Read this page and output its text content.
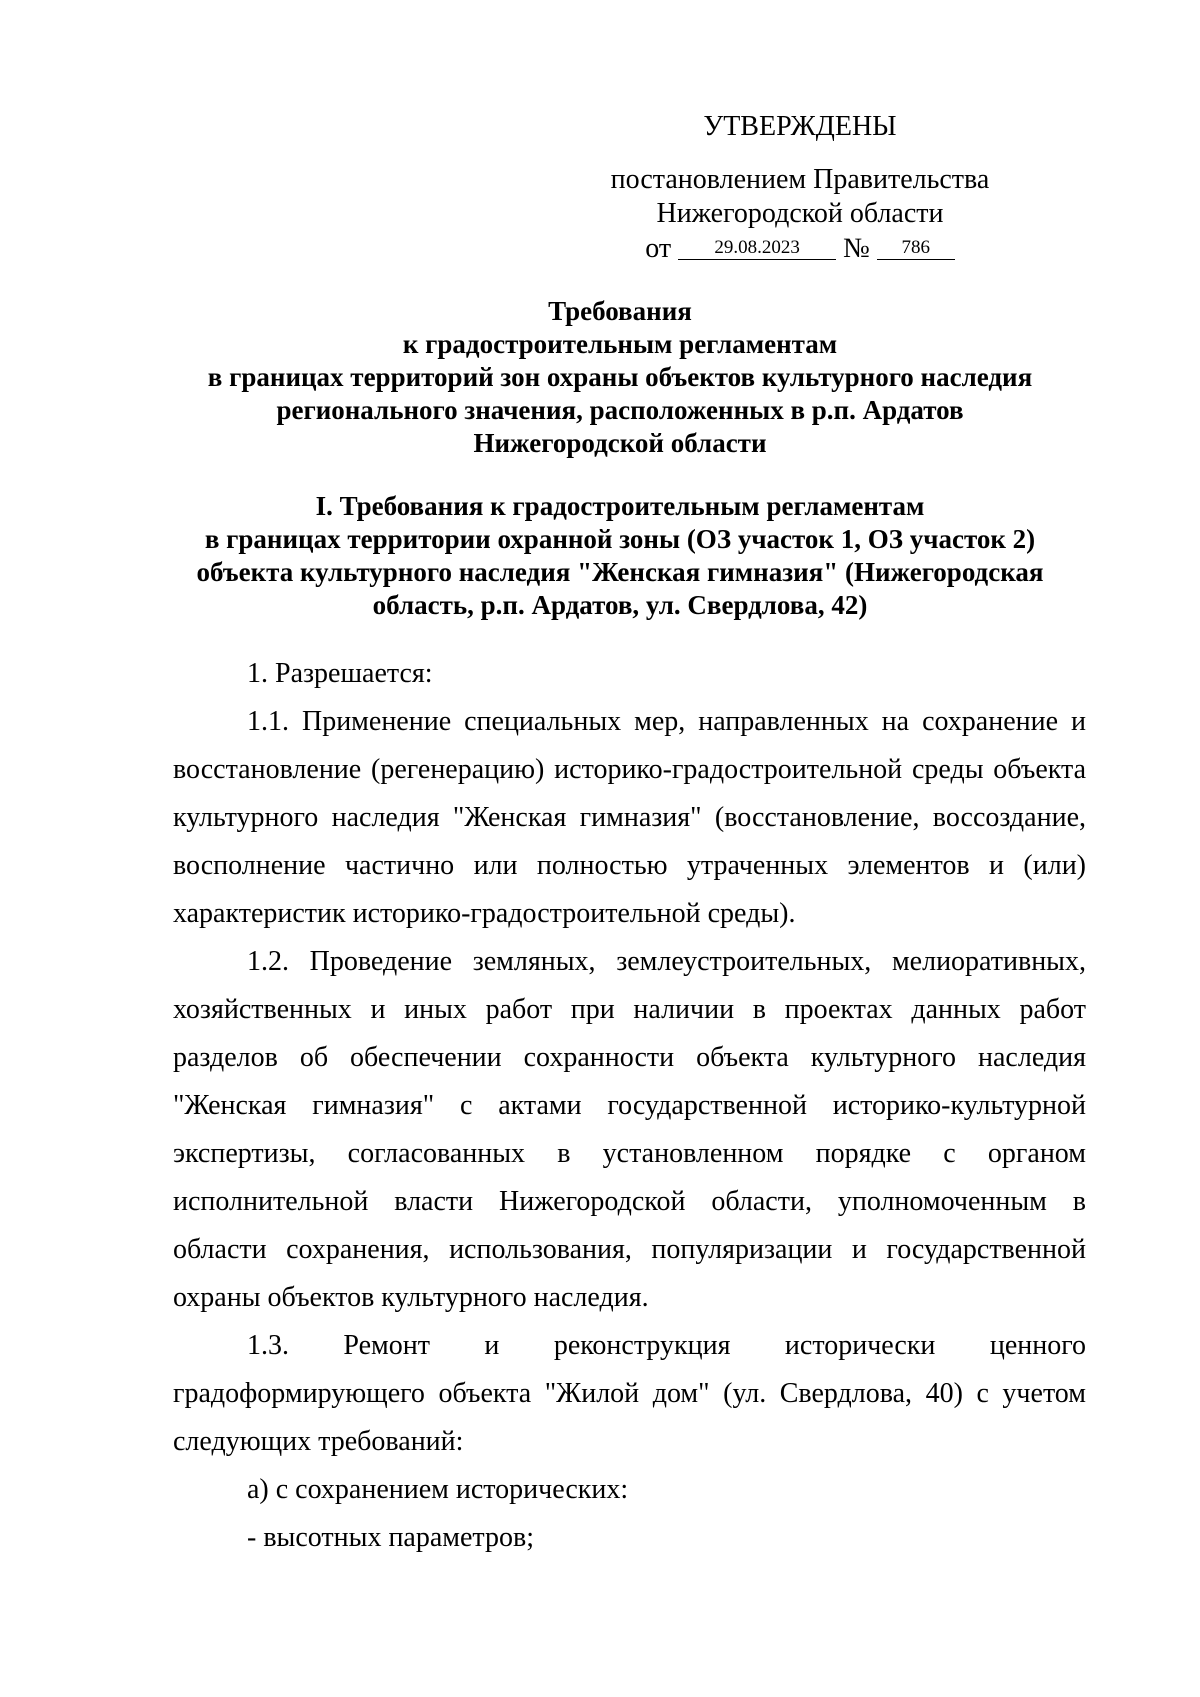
УТВЕРЖДЕНЫ
постановлением Правительства
Нижегородской области
от 29.08.2023 № 786
Требования
к градостроительным регламентам
в границах территорий зон охраны объектов культурного наследия
регионального значения, расположенных в р.п. Ардатов
Нижегородской области
I. Требования к градостроительным регламентам
в границах территории охранной зоны (ОЗ участок 1, ОЗ участок 2)
объекта культурного наследия "Женская гимназия" (Нижегородская
область, р.п. Ардатов, ул. Свердлова, 42)

1. Разрешается:

1.1. Применение специальных мер, направленных на сохранение и восстановление (регенерацию) историко-градостроительной среды объекта культурного наследия "Женская гимназия" (восстановление, воссоздание, восполнение частично или полностью утраченных элементов и (или) характеристик историко-градостроительной среды).

1.2. Проведение земляных, землеустроительных, мелиоративных, хозяйственных и иных работ при наличии в проектах данных работ разделов об обеспечении сохранности объекта культурного наследия "Женская гимназия" с актами государственной историко-культурной экспертизы, согласованных в установленном порядке с органом исполнительной власти Нижегородской области, уполномоченным в области сохранения, использования, популяризации и государственной охраны объектов культурного наследия.

1.3. Ремонт и реконструкция исторически ценного градоформирующего объекта "Жилой дом" (ул. Свердлова, 40) с учетом следующих требований:

а) с сохранением исторических:

- высотных параметров;
